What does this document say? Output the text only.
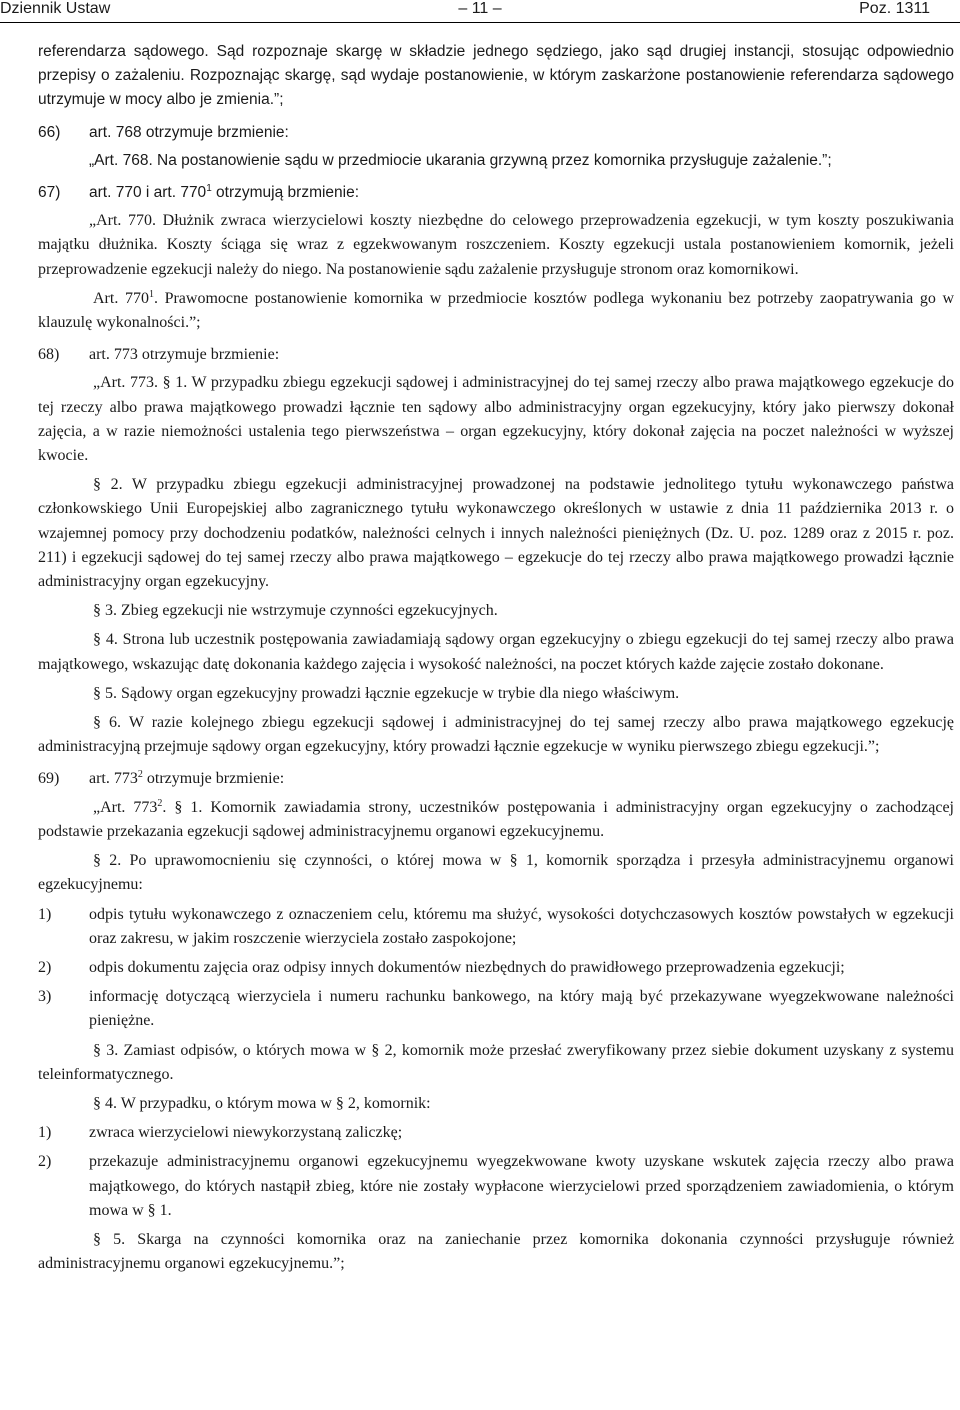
Dziennik Ustaw	– 11 –	Poz. 1311

referendarza sądowego. Sąd rozpoznaje skargę w składzie jednego sędziego, jako sąd drugiej instancji, stosując odpowiednio przepisy o zażaleniu. Rozpoznając skargę, sąd wydaje postanowienie, w którym zaskarżone postanowienie referendarza sądowego utrzymuje w mocy albo je zmienia.”;

66) art. 768 otrzymuje brzmienie:

„Art. 768. Na postanowienie sądu w przedmiocie ukarania grzywną przez komornika przysługuje zażalenie.”;

67) art. 770 i art. $770^1$ otrzymują brzmienie:

„Art. 770. Dłużnik zwraca wierzycielowi koszty niezbędne do celowego przeprowadzenia egzekucji, w tym koszty poszukiwania majątku dłużnika. Koszty ściąga się wraz z egzekwowanym roszczeniem. Koszty egzekucji ustala postanowieniem komornik, jeżeli przeprowadzenie egzekucji należy do niego. Na postanowienie sądu zażalenie przysługuje stronom oraz komornikowi.

Art. $770^1$. Prawomocne postanowienie komornika w przedmiocie kosztów podlega wykonaniu bez potrzeby zaopatrywania go w klauzulę wykonalności.”;

68) art. 773 otrzymuje brzmienie:

„Art. 773. § 1. W przypadku zbiegu egzekucji sądowej i administracyjnej do tej samej rzeczy albo prawa majątkowego egzekucje do tej rzeczy albo prawa majątkowego prowadzi łącznie ten sądowy albo administracyjny organ egzekucyjny, który jako pierwszy dokonał zajęcia, a w razie niemożności ustalenia tego pierwszeństwa – organ egzekucyjny, który dokonał zajęcia na poczet należności w wyższej kwocie.

§ 2. W przypadku zbiegu egzekucji administracyjnej prowadzonej na podstawie jednolitego tytułu wykonawczego państwa członkowskiego Unii Europejskiej albo zagranicznego tytułu wykonawczego określonych w ustawie z dnia 11 października 2013 r. o wzajemnej pomocy przy dochodzeniu podatków, należności celnych i innych należności pieniężnych (Dz. U. poz. 1289 oraz z 2015 r. poz. 211) i egzekucji sądowej do tej samej rzeczy albo prawa majątkowego – egzekucje do tej rzeczy albo prawa majątkowego prowadzi łącznie administracyjny organ egzekucyjny.

§ 3. Zbieg egzekucji nie wstrzymuje czynności egzekucyjnych.

§ 4. Strona lub uczestnik postępowania zawiadamiają sądowy organ egzekucyjny o zbiegu egzekucji do tej samej rzeczy albo prawa majątkowego, wskazując datę dokonania każdego zajęcia i wysokość należności, na poczet których każde zajęcie zostało dokonane.

§ 5. Sądowy organ egzekucyjny prowadzi łącznie egzekucje w trybie dla niego właściwym.

§ 6. W razie kolejnego zbiegu egzekucji sądowej i administracyjnej do tej samej rzeczy albo prawa majątkowego egzekucję administracyjną przejmuje sądowy organ egzekucyjny, który prowadzi łącznie egzekucje w wyniku pierwszego zbiegu egzekucji.”;

69) art. $773^2$ otrzymuje brzmienie:

„Art. $773^2$. § 1. Komornik zawiadamia strony, uczestników postępowania i administracyjny organ egzekucyjny o zachodzącej podstawie przekazania egzekucji sądowej administracyjnemu organowi egzekucyjnemu.

§ 2. Po uprawomocnieniu się czynności, o której mowa w § 1, komornik sporządza i przesyła administracyjnemu organowi egzekucyjnemu:

1) odpis tytułu wykonawczego z oznaczeniem celu, któremu ma służyć, wysokości dotychczasowych kosztów powstałych w egzekucji oraz zakresu, w jakim roszczenie wierzyciela zostało zaspokojone;
2) odpis dokumentu zajęcia oraz odpisy innych dokumentów niezbędnych do prawidłowego przeprowadzenia egzekucji;
3) informację dotyczącą wierzyciela i numeru rachunku bankowego, na który mają być przekazywane wyegzekwowane należności pieniężne.

§ 3. Zamiast odpisów, o których mowa w § 2, komornik może przesłać zweryfikowany przez siebie dokument uzyskany z systemu teleinformatycznego.

§ 4. W przypadku, o którym mowa w § 2, komornik:

1) zwraca wierzycielowi niewykorzystaną zaliczkę;
2) przekazuje administracyjnemu organowi egzekucyjnemu wyegzekwowane kwoty uzyskane wskutek zajęcia rzeczy albo prawa majątkowego, do których nastąpił zbieg, które nie zostały wypłacone wierzycielowi przed sporządzeniem zawiadomienia, o którym mowa w § 1.

§ 5. Skarga na czynności komornika oraz na zaniechanie przez komornika dokonania czynności przysługuje również administracyjnemu organowi egzekucyjnemu.”;
